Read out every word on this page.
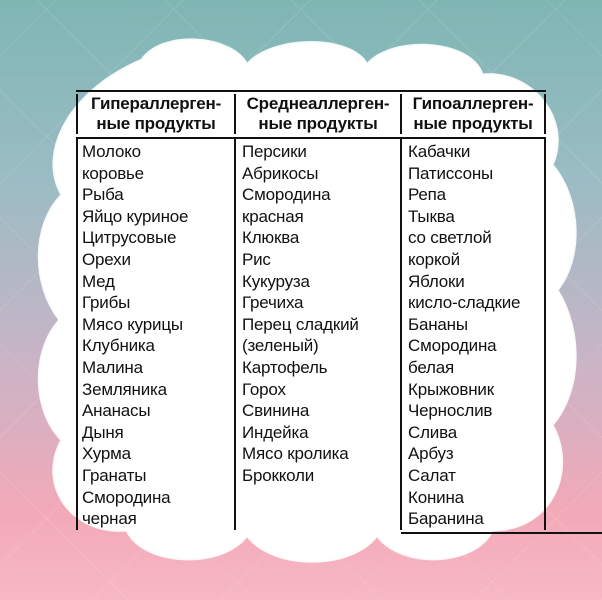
Гипераллерген-
ные продукты
Среднеаллерген-
ные продукты
Гипоаллерген-
ные продукты
Молоко
коровье
Рыба
Яйцо куриное
Цитрусовые
Орехи
Мед
Грибы
Мясо курицы
Клубника
Малина
Земляника
Ананасы
Дыня
Хурма
Гранаты
Смородина
черная
Персики
Абрикосы
Смородина
красная
Клюква
Рис
Кукуруза
Гречиха
Перец сладкий
(зеленый)
Картофель
Горох
Свинина
Индейка
Мясо кролика
Брокколи
Кабачки
Патиссоны
Репа
Тыква
со светлой
коркой
Яблоки
кисло-сладкие
Бананы
Смородина
белая
Крыжовник
Чернослив
Слива
Арбуз
Салат
Конина
Баранина
